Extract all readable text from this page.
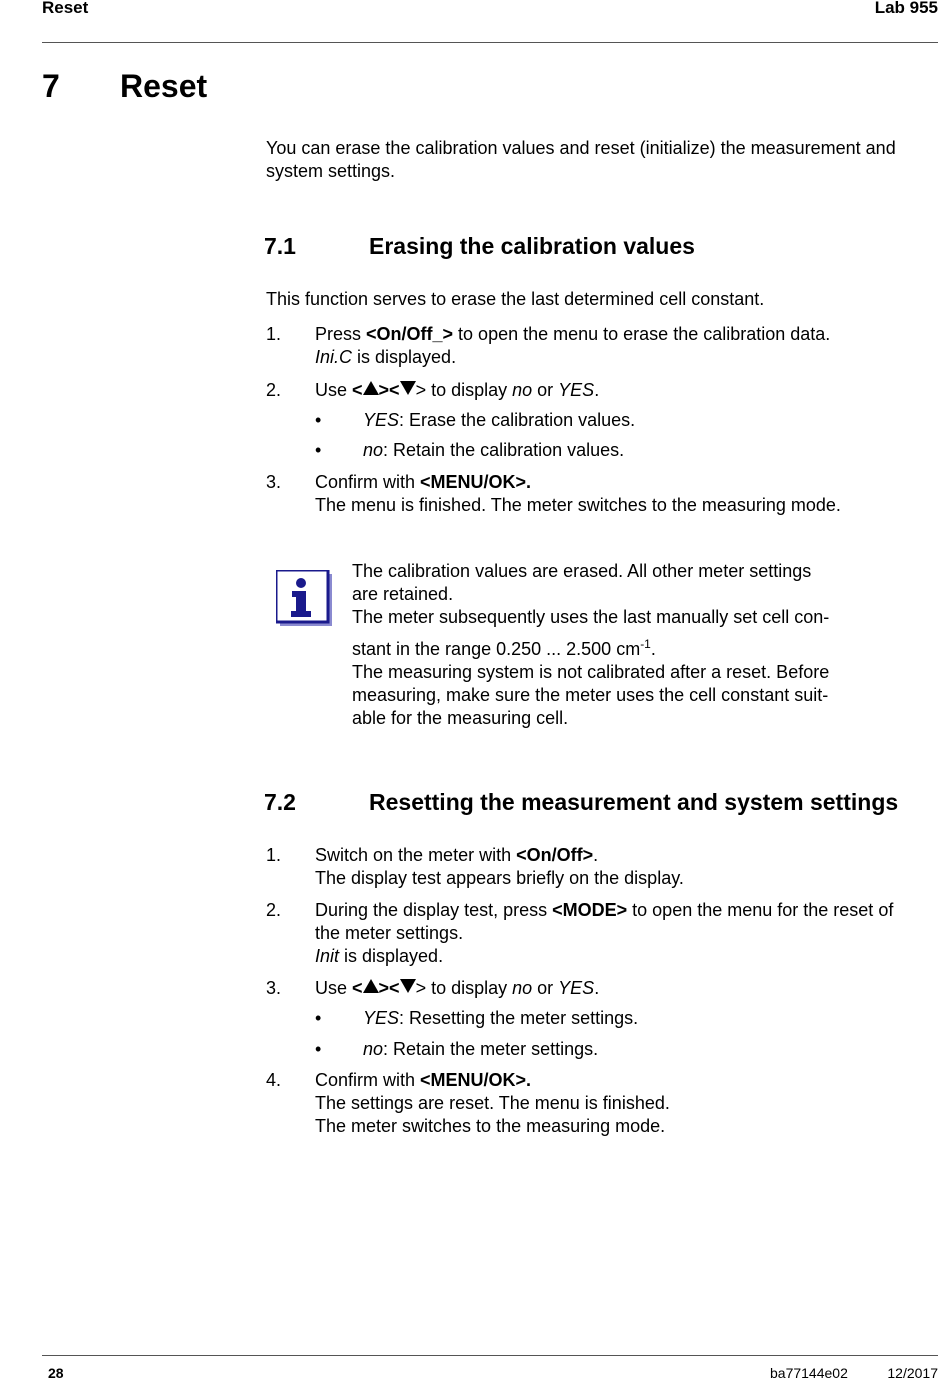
Reset	Lab 955
7 Reset
You can erase the calibration values and reset (initialize) the measurement and
system settings.
7.1	Erasing the calibration values
This function serves to erase the last determined cell constant.
1. Press <On/Off_> to open the menu to erase the calibration data.
Ini.C is displayed.
2. Use < >< > to display no or YES.
• YES: Erase the calibration values.
• no: Retain the calibration values.
3. Confirm with <MENU/OK>.
The menu is finished. The meter switches to the measuring mode.
The calibration values are erased. All other meter settings
are retained.
The meter subsequently uses the last manually set cell con-
stant in the range 0.250 ... 2.500 $cm^{-1}$.
The measuring system is not calibrated after a reset. Before
measuring, make sure the meter uses the cell constant suit-
able for the measuring cell.
7.2	Resetting the measurement and system settings
1. Switch on the meter with <On/Off>.
The display test appears briefly on the display.
2. During the display test, press <MODE> to open the menu for the reset of
the meter settings.
Init is displayed.
3. Use < >< > to display no or YES.
• YES: Resetting the meter settings.
• no: Retain the meter settings.
4. Confirm with <MENU/OK>.
The settings are reset. The menu is finished.
The meter switches to the measuring mode.
28	ba77144e02	12/2017
